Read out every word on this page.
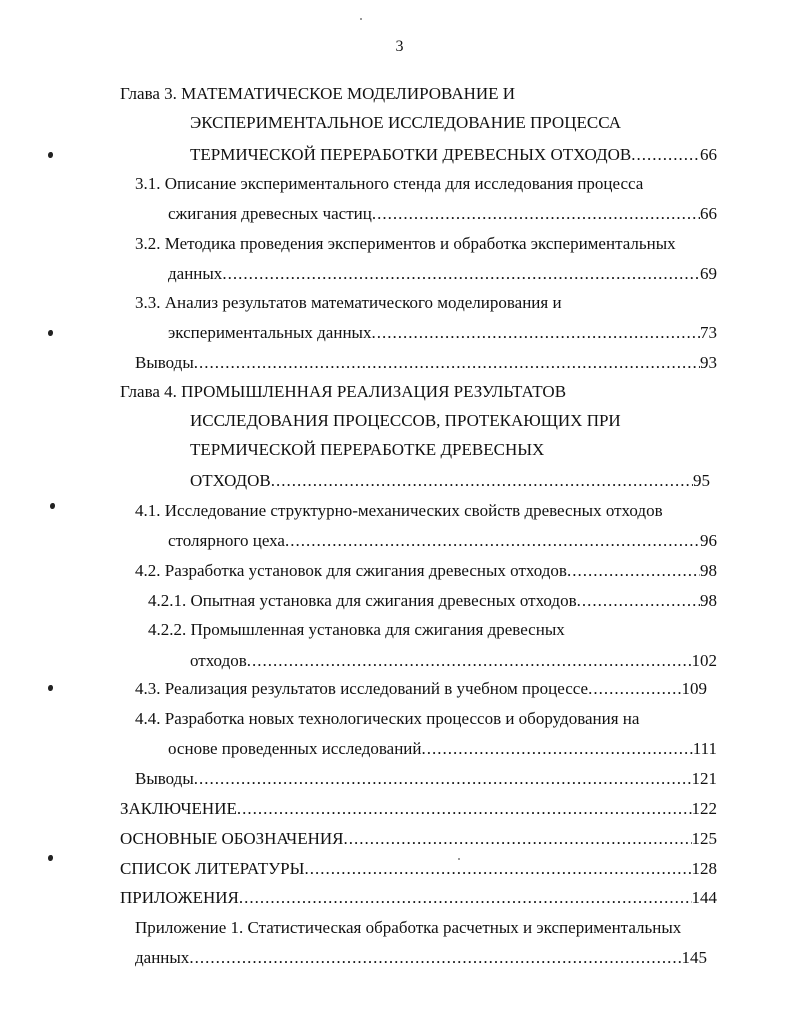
3
Глава 3. МАТЕМАТИЧЕСКОЕ МОДЕЛИРОВАНИЕ И
ЭКСПЕРИМЕНТАЛЬНОЕ ИССЛЕДОВАНИЕ ПРОЦЕССА
ТЕРМИЧЕСКОЙ ПЕРЕРАБОТКИ ДРЕВЕСНЫХ ОТХОДОВ .....	66
3.1. Описание экспериментального стенда для исследования процесса
сжигания древесных частиц .....	66
3.2. Методика проведения экспериментов и обработка экспериментальных
данных .....	69
3.3. Анализ результатов математического моделирования и
экспериментальных данных .....	73
Выводы .....	93
Глава 4. ПРОМЫШЛЕННАЯ РЕАЛИЗАЦИЯ РЕЗУЛЬТАТОВ
ИССЛЕДОВАНИЯ ПРОЦЕССОВ, ПРОТЕКАЮЩИХ ПРИ
ТЕРМИЧЕСКОЙ ПЕРЕРАБОТКЕ ДРЕВЕСНЫХ
ОТХОДОВ .....	95
4.1. Исследование структурно-механических свойств древесных отходов
столярного цеха .....	96
4.2. Разработка установок для сжигания древесных отходов .....	98
4.2.1. Опытная установка для сжигания древесных отходов .....	98
4.2.2. Промышленная установка для сжигания древесных
отходов .....	102
4.3. Реализация результатов исследований в учебном процессе .....	109
4.4. Разработка новых технологических процессов и оборудования на
основе проведенных исследований .....	111
Выводы .....	121
ЗАКЛЮЧЕНИЕ .....	122
ОСНОВНЫЕ ОБОЗНАЧЕНИЯ .....	125
СПИСОК ЛИТЕРАТУРЫ .....	128
ПРИЛОЖЕНИЯ .....	144
Приложение 1. Статистическая обработка расчетных и экспериментальных
данных .....	145
